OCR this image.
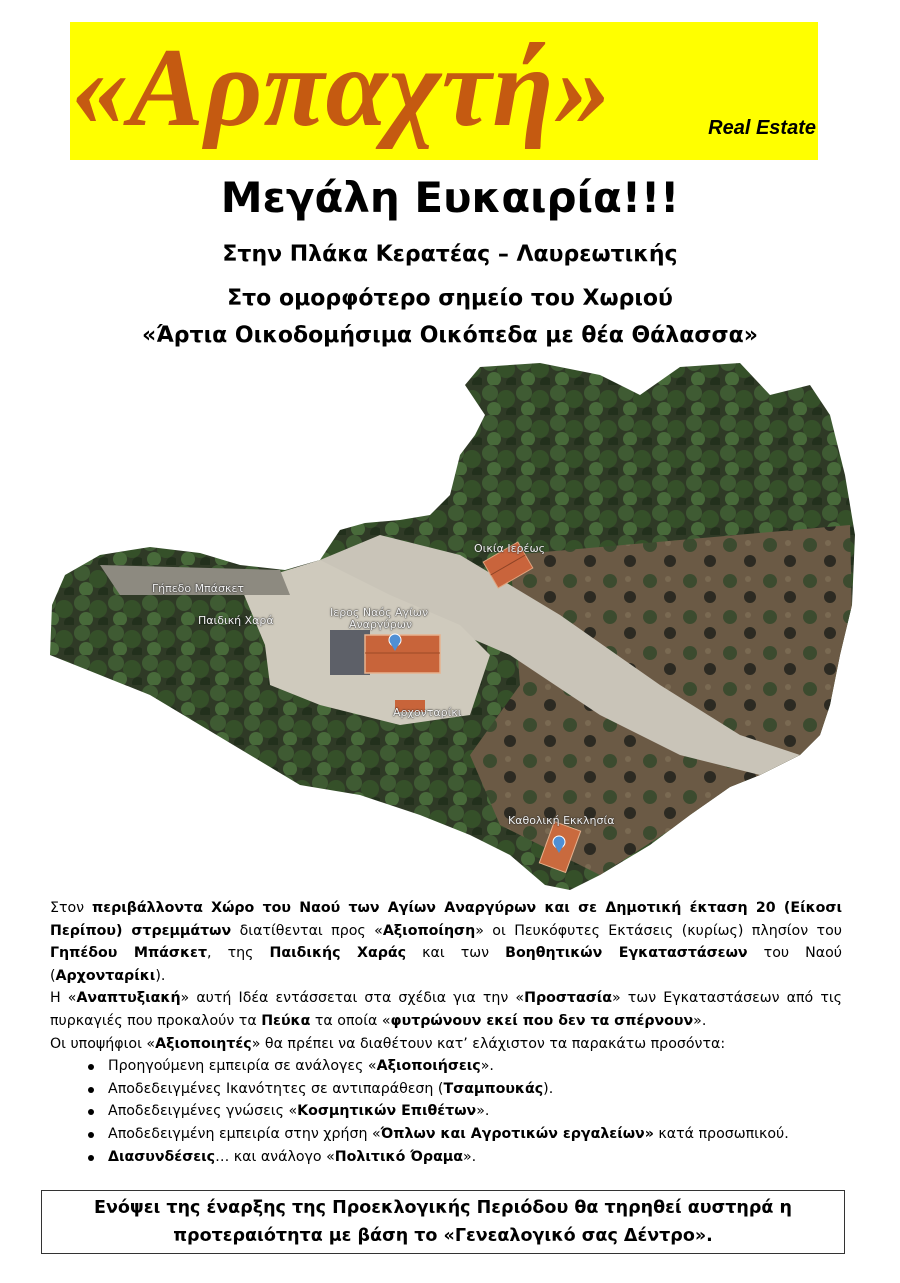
«Αρπαχτή»	Real Estate
Μεγάλη Ευκαιρία!!!
Στην Πλάκα Κερατέας – Λαυρεωτικής
Στο ομορφότερο σημείο του Χωριού
«Άρτια Οικοδομήσιμα Οικόπεδα με θέα Θάλασσα»
Οικία Ιερέως
Γήπεδο Μπάσκετ
Παιδική Χαρά
Ιερος Ναός Αγίων
Αναργύρων
Αρχονταρίκι
Καθολική Εκκλησία

Στον περιβάλλοντα Χώρο του Ναού των Αγίων Αναργύρων και σε Δημοτική έκταση 20 (Είκοσι Περίπου) στρεμμάτων διατίθενται προς «Αξιοποίηση» οι Πευκόφυτες Εκτάσεις (κυρίως) πλησίον του Γηπέδου Μπάσκετ, της Παιδικής Χαράς και των Βοηθητικών Εγκαταστάσεων του Ναού (Αρχονταρίκι).

Η «Αναπτυξιακή» αυτή Ιδέα εντάσσεται στα σχέδια για την «Προστασία» των Εγκαταστάσεων από τις πυρκαγιές που προκαλούν τα Πεύκα τα οποία «φυτρώνουν εκεί που δεν τα σπέρνουν».

Οι υποψήφιοι «Αξιοποιητές» θα πρέπει να διαθέτουν κατ’ ελάχιστον τα παρακάτω προσόντα:

Προηγούμενη εμπειρία σε ανάλογες «Αξιοποιήσεις».
Αποδεδειγμένες Ικανότητες σε αντιπαράθεση (Τσαμπουκάς).
Αποδεδειγμένες γνώσεις «Κοσμητικών Επιθέτων».
Αποδεδειγμένη εμπειρία στην χρήση «Όπλων και Αγροτικών εργαλείων» κατά προσωπικού.
Διασυνδέσεις… και ανάλογο «Πολιτικό Όραμα».
Ενόψει της έναρξης της Προεκλογικής Περιόδου θα τηρηθεί αυστηρά η
προτεραιότητα με βάση το «Γενεαλογικό σας Δέντρο».
